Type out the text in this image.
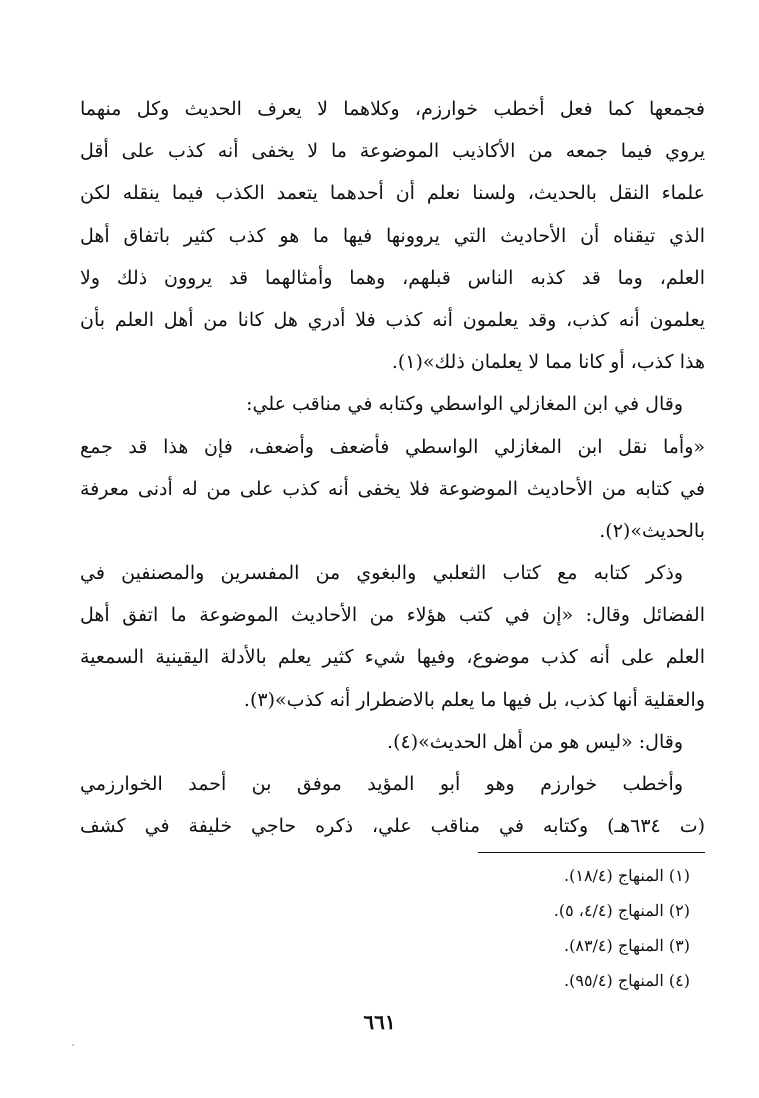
فجمعها كما فعل أخطب خوارزم، وكلاهما لا يعرف الحديث وكل منهما
يروي فيما جمعه من الأكاذيب الموضوعة ما لا يخفى أنه كذب على أقل
علماء النقل بالحديث، ولسنا نعلم أن أحدهما يتعمد الكذب فيما ينقله لكن
الذي تيقناه أن الأحاديث التي يروونها فيها ما هو كذب كثير باتفاق أهل
العلم، وما قد كذبه الناس قبلهم، وهما وأمثالهما قد يروون ذلك ولا
يعلمون أنه كذب، وقد يعلمون أنه كذب فلا أدري هل كانا من أهل العلم بأن
هذا كذب، أو كانا مما لا يعلمان ذلك»(١).
وقال في ابن المغازلي الواسطي وكتابه في مناقب علي:
«وأما نقل ابن المغازلي الواسطي فأضعف وأضعف، فإن هذا قد جمع
في كتابه من الأحاديث الموضوعة فلا يخفى أنه كذب على من له أدنى معرفة
بالحديث»(٢).
وذكر كتابه مع كتاب الثعلبي والبغوي من المفسرين والمصنفين في
الفضائل وقال: «إن في كتب هؤلاء من الأحاديث الموضوعة ما اتفق أهل
العلم على أنه كذب موضوع، وفيها شيء كثير يعلم بالأدلة اليقينية السمعية
والعقلية أنها كذب، بل فيها ما يعلم بالاضطرار أنه كذب»(٣).
وقال: «ليس هو من أهل الحديث»(٤).
وأخطب خوارزم وهو أبو المؤيد موفق بن أحمد الخوارزمي
(ت ٦٣٤هـ) وكتابه في مناقب علي، ذكره حاجي خليفة في كشف
(١) المنهاج (١٨/٤).
(٢) المنهاج (٤/٤، ٥).
(٣) المنهاج (٨٣/٤).
(٤) المنهاج (٩٥/٤).
٦٦١
